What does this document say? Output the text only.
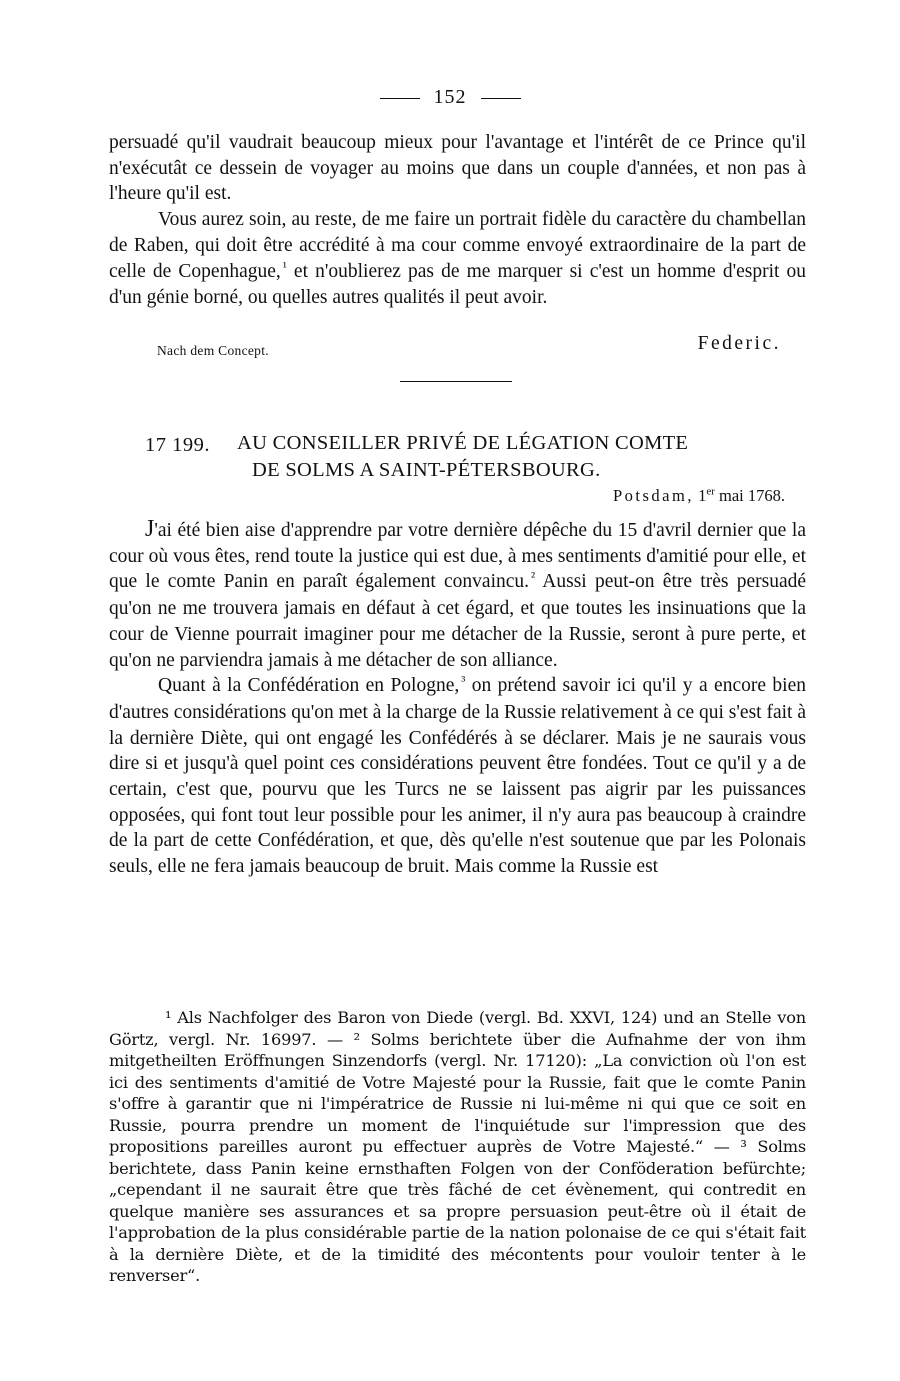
152

persuadé qu'il vaudrait beaucoup mieux pour l'avantage et l'intérêt de ce Prince qu'il n'exécutât ce dessein de voyager au moins que dans un couple d'années, et non pas à l'heure qu'il est.

Vous aurez soin, au reste, de me faire un portrait fidèle du caractère du chambellan de Raben, qui doit être accrédité à ma cour comme envoyé extraordinaire de la part de celle de Copenhague, $^{^1}$ et n'oublierez pas de me marquer si c'est un homme d'esprit ou d'un génie borné, ou quelles autres qualités il peut avoir.

Nach dem Concept.	Federic.
17 199. AU CONSEILLER PRIVÉ DE LÉGATION COMTE
DE SOLMS A SAINT-PÉTERSBOURG.
Potsdam, 1er mai 1768.

J'ai été bien aise d'apprendre par votre dernière dépêche du 15 d'avril dernier que la cour où vous êtes, rend toute la justice qui est due, à mes sentiments d'amitié pour elle, et que le comte Panin en paraît également convaincu. $^{^2}$ Aussi peut-on être très persuadé qu'on ne me trouvera jamais en défaut à cet égard, et que toutes les insinuations que la cour de Vienne pourrait imaginer pour me détacher de la Russie, seront à pure perte, et qu'on ne parviendra jamais à me détacher de son alliance.

Quant à la Confédération en Pologne, $^{^3}$ on prétend savoir ici qu'il y a encore bien d'autres considérations qu'on met à la charge de la Russie relativement à ce qui s'est fait à la dernière Diète, qui ont engagé les Confédérés à se déclarer. Mais je ne saurais vous dire si et jusqu'à quel point ces considérations peuvent être fondées. Tout ce qu'il y a de certain, c'est que, pourvu que les Turcs ne se laissent pas aigrir par les puissances opposées, qui font tout leur possible pour les animer, il n'y aura pas beaucoup à craindre de la part de cette Confédération, et que, dès qu'elle n'est soutenue que par les Polonais seuls, elle ne fera jamais beaucoup de bruit. Mais comme la Russie est

¹ Als Nachfolger des Baron von Diede (vergl. Bd. XXVI, 124) und an Stelle von Görtz, vergl. Nr. 16997. — ² Solms berichtete über die Aufnahme der von ihm mitgetheilten Eröffnungen Sinzendorfs (vergl. Nr. 17120): „La conviction où l'on est ici des sentiments d'amitié de Votre Majesté pour la Russie, fait que le comte Panin s'offre à garantir que ni l'impératrice de Russie ni lui-même ni qui que ce soit en Russie, pourra prendre un moment de l'inquiétude sur l'impression que des propositions pareilles auront pu effectuer auprès de Votre Majesté.“ — ³ Solms berichtete, dass Panin keine ernsthaften Folgen von der Conföderation befürchte; „cependant il ne saurait être que très fâché de cet évènement, qui contredit en quelque manière ses assurances et sa propre persuasion peut-être où il était de l'approbation de la plus considérable partie de la nation polonaise de ce qui s'était fait à la dernière Diète, et de la timidité des mécontents pour vouloir tenter à le renverser“.
